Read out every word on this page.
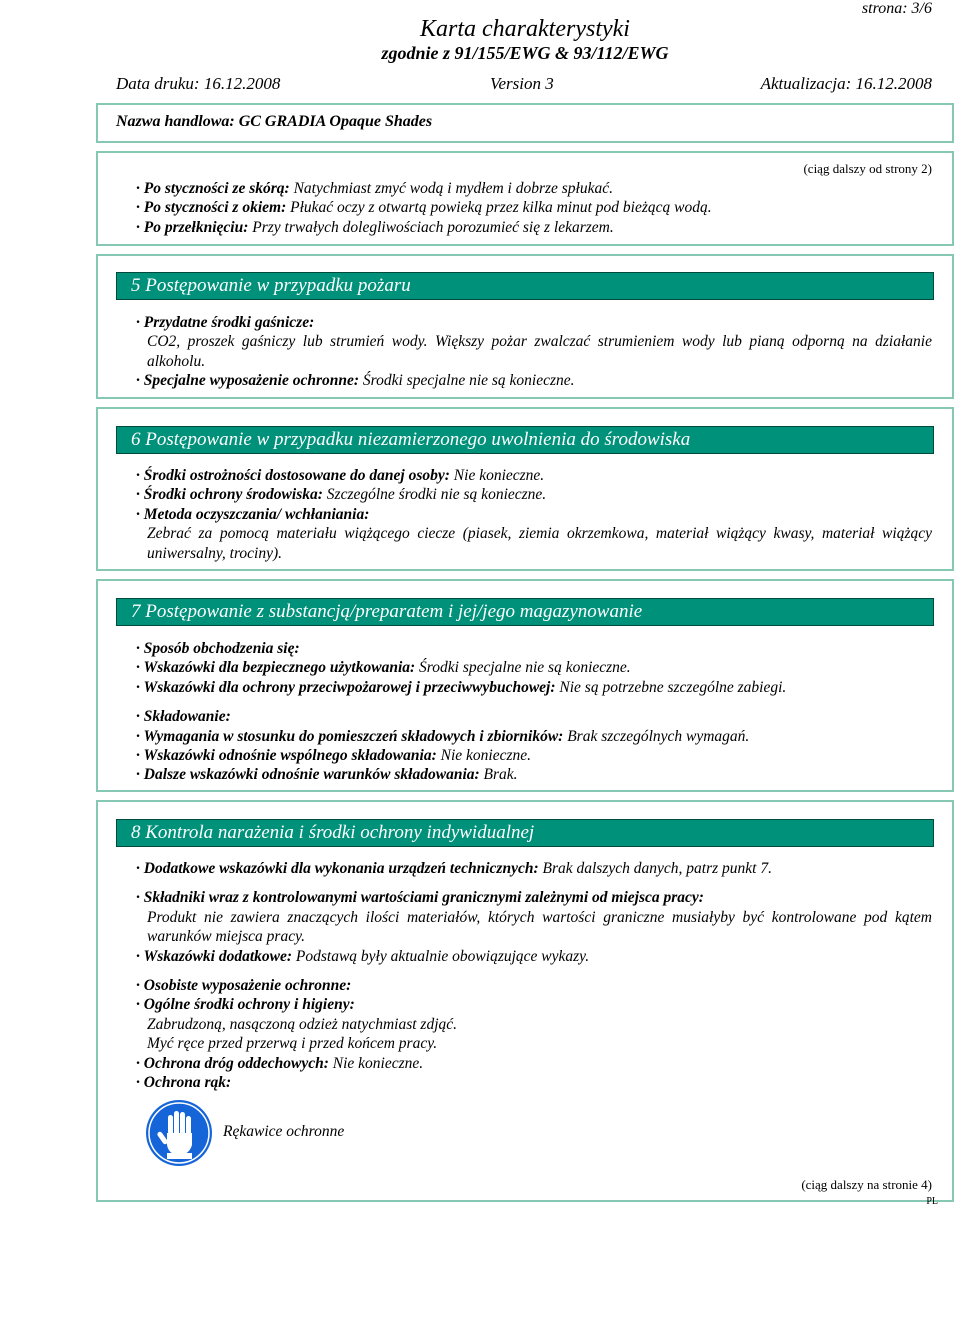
strona: 3/6
Karta charakterystyki
zgodnie z 91/155/EWG & 93/112/EWG
Data druku: 16.12.2008	Version 3	Aktualizacja: 16.12.2008
Nazwa handlowa: GC GRADIA Opaque Shades
(ciąg dalszy od strony 2)

· Po styczności ze skórą: Natychmiast zmyć wodą i mydłem i dobrze spłukać.

· Po styczności z okiem: Płukać oczy z otwartą powieką przez kilka minut pod bieżącą wodą.

· Po przełknięciu: Przy trwałych dolegliwościach porozumieć się z lekarzem.

5 Postępowanie w przypadku pożaru

· Przydatne środki gaśnicze:

CO2, proszek gaśniczy lub strumień wody. Większy pożar zwalczać strumieniem wody lub pianą odporną na działanie alkoholu.

· Specjalne wyposażenie ochronne: Środki specjalne nie są konieczne.

6 Postępowanie w przypadku niezamierzonego uwolnienia do środowiska

· Środki ostrożności dostosowane do danej osoby: Nie konieczne.

· Środki ochrony środowiska: Szczególne środki nie są konieczne.

· Metoda oczyszczania/ wchłaniania:

Zebrać za pomocą materiału wiążącego ciecze (piasek, ziemia okrzemkowa, materiał wiążący kwasy, materiał wiążący uniwersalny, trociny).

7 Postępowanie z substancją/preparatem i jej/jego magazynowanie

· Sposób obchodzenia się:

· Wskazówki dla bezpiecznego użytkowania: Środki specjalne nie są konieczne.

· Wskazówki dla ochrony przeciwpożarowej i przeciwwybuchowej: Nie są potrzebne szczególne zabiegi.

· Składowanie:

· Wymagania w stosunku do pomieszczeń składowych i zbiorników: Brak szczególnych wymagań.

· Wskazówki odnośnie wspólnego składowania: Nie konieczne.

· Dalsze wskazówki odnośnie warunków składowania: Brak.

8 Kontrola narażenia i środki ochrony indywidualnej

· Dodatkowe wskazówki dla wykonania urządzeń technicznych: Brak dalszych danych, patrz punkt 7.

· Składniki wraz z kontrolowanymi wartościami granicznymi zależnymi od miejsca pracy:

Produkt nie zawiera znaczących ilości materiałów, których wartości graniczne musiałyby być kontrolowane pod kątem warunków miejsca pracy.

· Wskazówki dodatkowe: Podstawą były aktualnie obowiązujące wykazy.

· Osobiste wyposażenie ochronne:

· Ogólne środki ochrony i higieny:

Zabrudzoną, nasączoną odzież natychmiast zdjąć.

Myć ręce przed przerwą i przed końcem pracy.

· Ochrona dróg oddechowych: Nie konieczne.

· Ochrona rąk:

Rękawice ochronne
(ciąg dalszy na stronie 4)
PL
